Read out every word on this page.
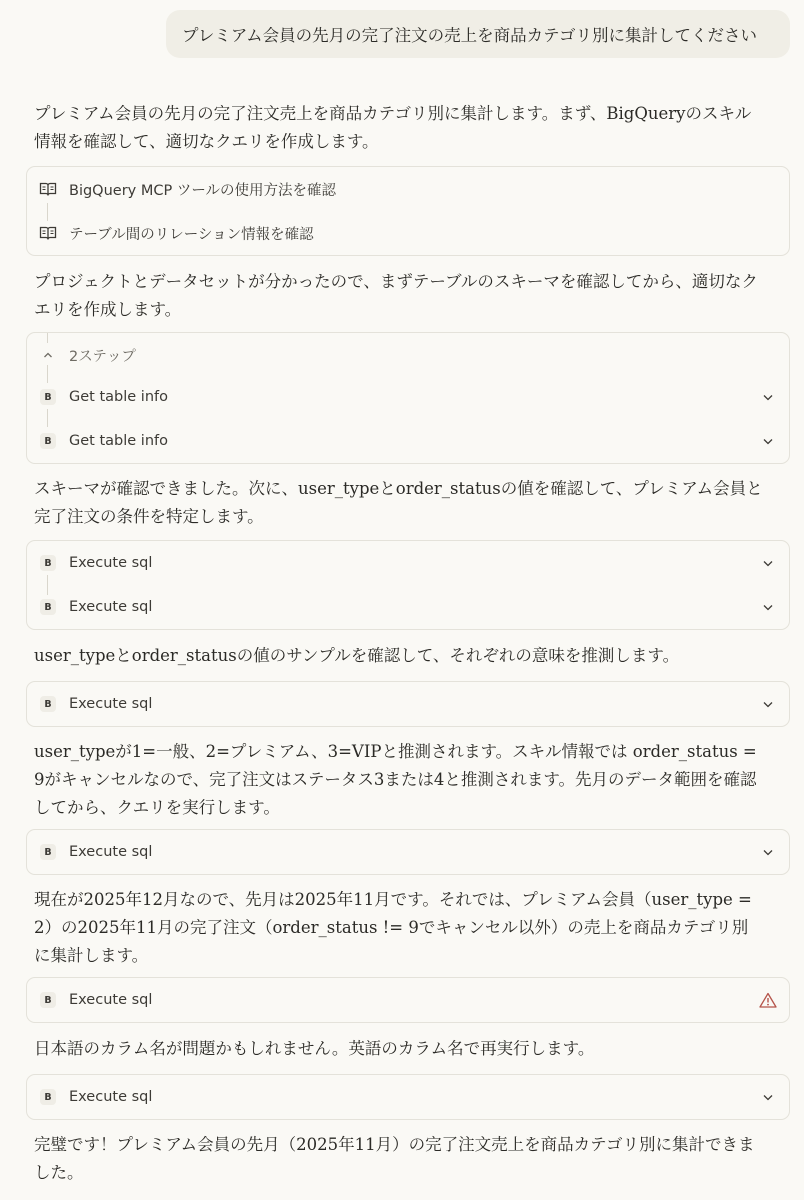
プレミアム会員の先月の完了注文の売上を商品カテゴリ別に集計してください
プレミアム会員の先月の完了注文売上を商品カテゴリ別に集計します。まず、BigQueryのスキル情報を確認して、適切なクエリを作成します。
BigQuery MCP ツールの使用方法を確認
テーブル間のリレーション情報を確認
プロジェクトとデータセットが分かったので、まずテーブルのスキーマを確認してから、適切なクエリを作成します。
2ステップ
B	Get table info
B	Get table info
スキーマが確認できました。次に、user_typeとorder_statusの値を確認して、プレミアム会員と完了注文の条件を特定します。
B	Execute sql
B	Execute sql
user_typeとorder_statusの値のサンプルを確認して、それぞれの意味を推測します。
B	Execute sql
user_typeが1=一般、2=プレミアム、3=VIPと推測されます。スキル情報では order_status = 9がキャンセルなので、完了注文はステータス3または4と推測されます。先月のデータ範囲を確認してから、クエリを実行します。
B	Execute sql
現在が2025年12月なので、先月は2025年11月です。それでは、プレミアム会員（user_type = 2）の2025年11月の完了注文（order_status != 9でキャンセル以外）の売上を商品カテゴリ別に集計します。
B	Execute sql
日本語のカラム名が問題かもしれません。英語のカラム名で再実行します。
B	Execute sql
完璧です！プレミアム会員の先月（2025年11月）の完了注文売上を商品カテゴリ別に集計できました。
